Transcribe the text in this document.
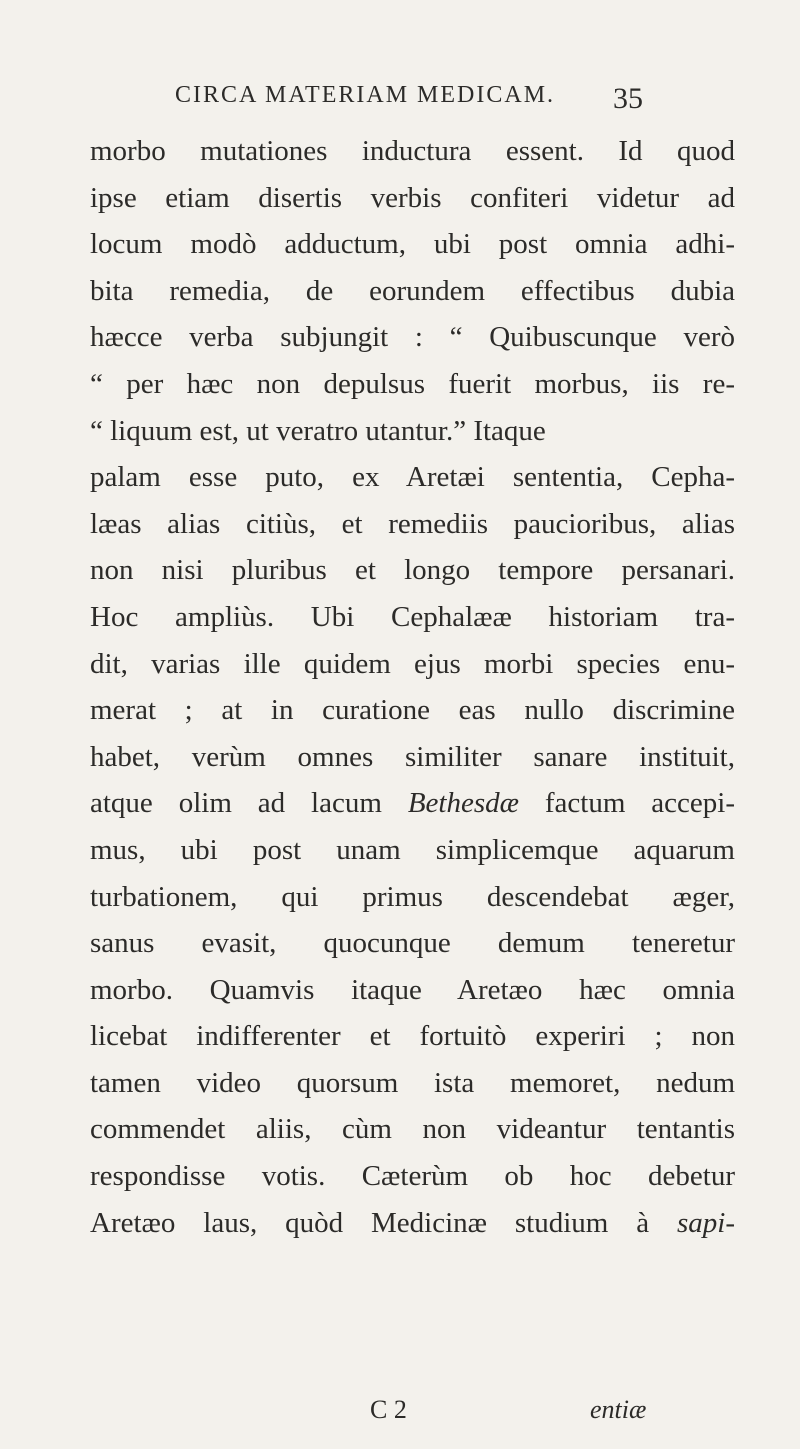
CIRCA MATERIAM MEDICAM. 35
morbo mutationes inductura essent. Id quod
ipse etiam disertis verbis confiteri videtur ad
locum modò adductum, ubi post omnia adhi-
bita remedia, de eorundem effectibus dubia
hæcce verba subjungit : “ Quibuscunque verò
“ per hæc non depulsus fuerit morbus, iis re-
“ liquum est, ut veratro utantur.” Itaque
palam esse puto, ex Aretæi sententia, Cepha-
læas alias citiùs, et remediis paucioribus, alias
non nisi pluribus et longo tempore persanari.
Hoc ampliùs. Ubi Cephalææ historiam tra-
dit, varias ille quidem ejus morbi species enu-
merat ; at in curatione eas nullo discrimine
habet, verùm omnes similiter sanare instituit,
atque olim ad lacum Bethesdæ factum accepi-
mus, ubi post unam simplicemque aquarum
turbationem, qui primus descendebat æger,
sanus evasit, quocunque demum teneretur
morbo. Quamvis itaque Aretæo hæc omnia
licebat indifferenter et fortuitò experiri ; non
tamen video quorsum ista memoret, nedum
commendet aliis, cùm non videantur tentantis
respondisse votis. Cæterùm ob hoc debetur
Aretæo laus, quòd Medicinæ studium à sapi-
C 2	entiæ
